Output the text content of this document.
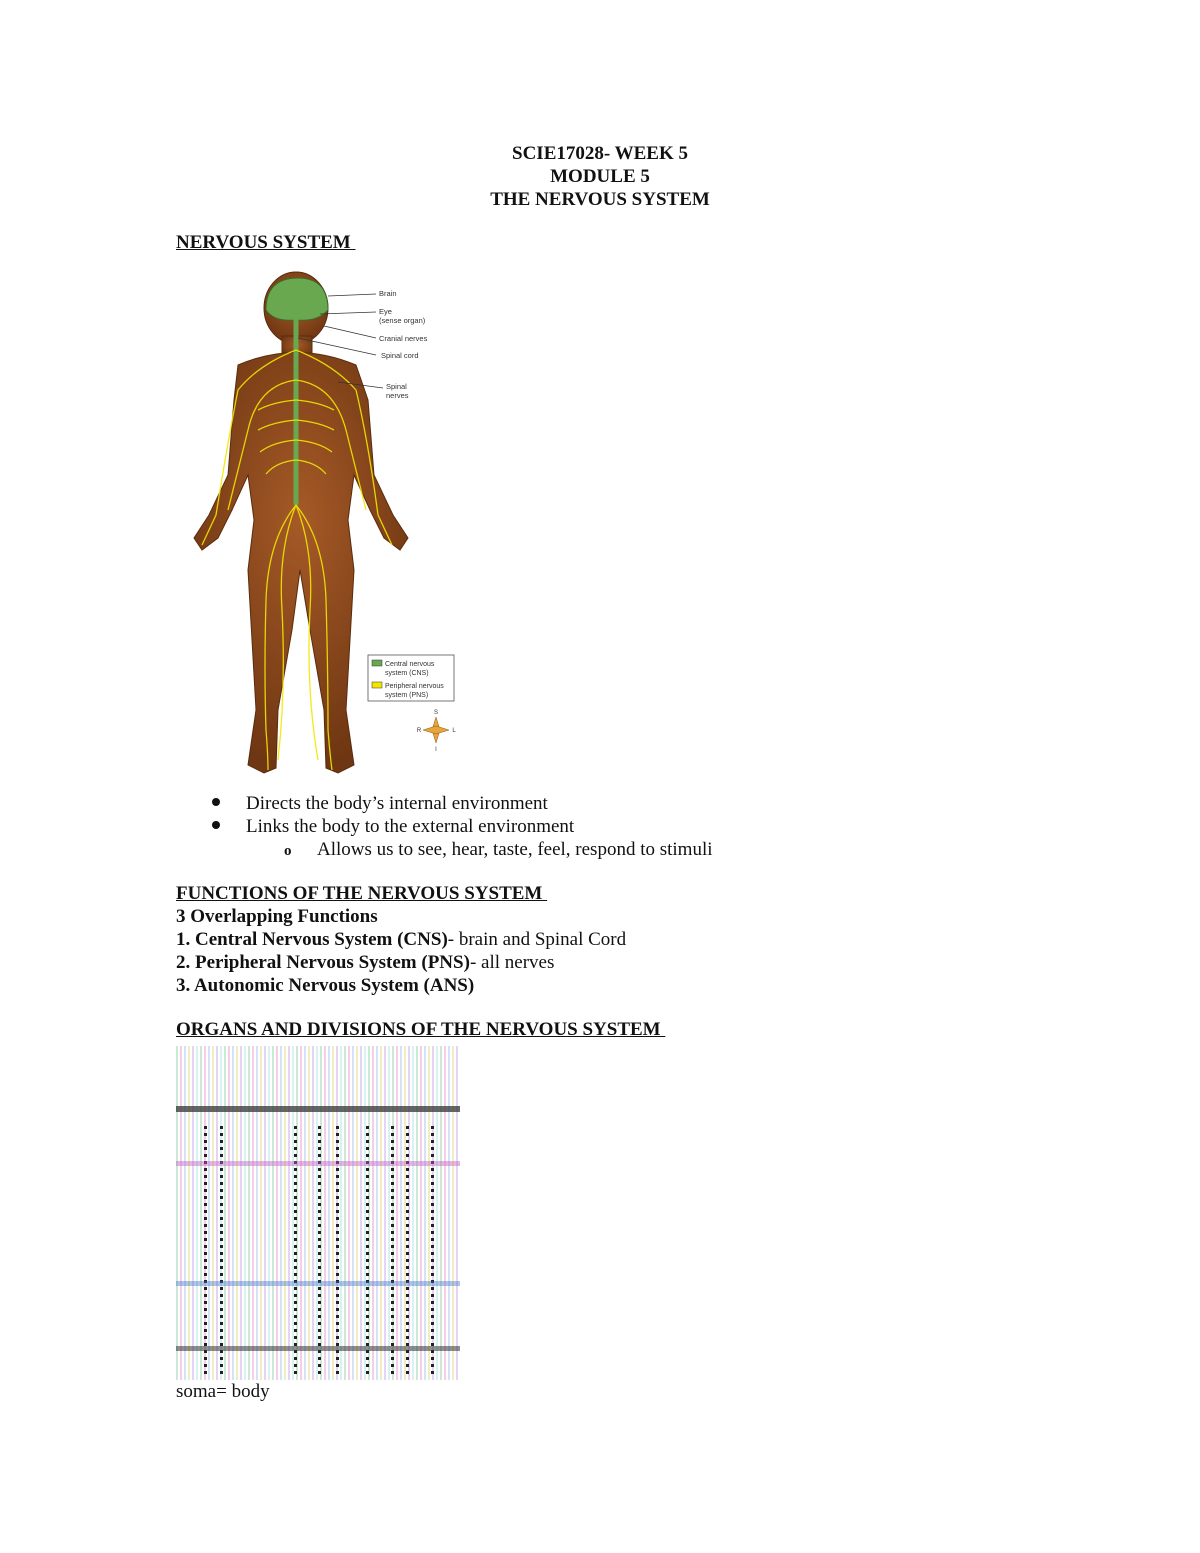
SCIE17028- WEEK 5
MODULE 5
THE NERVOUS SYSTEM
NERVOUS SYSTEM
Brain
Eye
(sense organ)
Cranial nerves
Spinal cord
Spinal
nerves
Central nervous
system (CNS)
Peripheral nervous
system (PNS)
S
R	L
I
Directs the body’s internal environment
Links the body to the external environment
o Allows us to see, hear, taste, feel, respond to stimuli
FUNCTIONS OF THE NERVOUS SYSTEM
3 Overlapping Functions
1. Central Nervous System (CNS)- brain and Spinal Cord
2. Peripheral Nervous System (PNS)- all nerves
3. Autonomic Nervous System (ANS)
ORGANS AND DIVISIONS OF THE NERVOUS SYSTEM
soma= body
